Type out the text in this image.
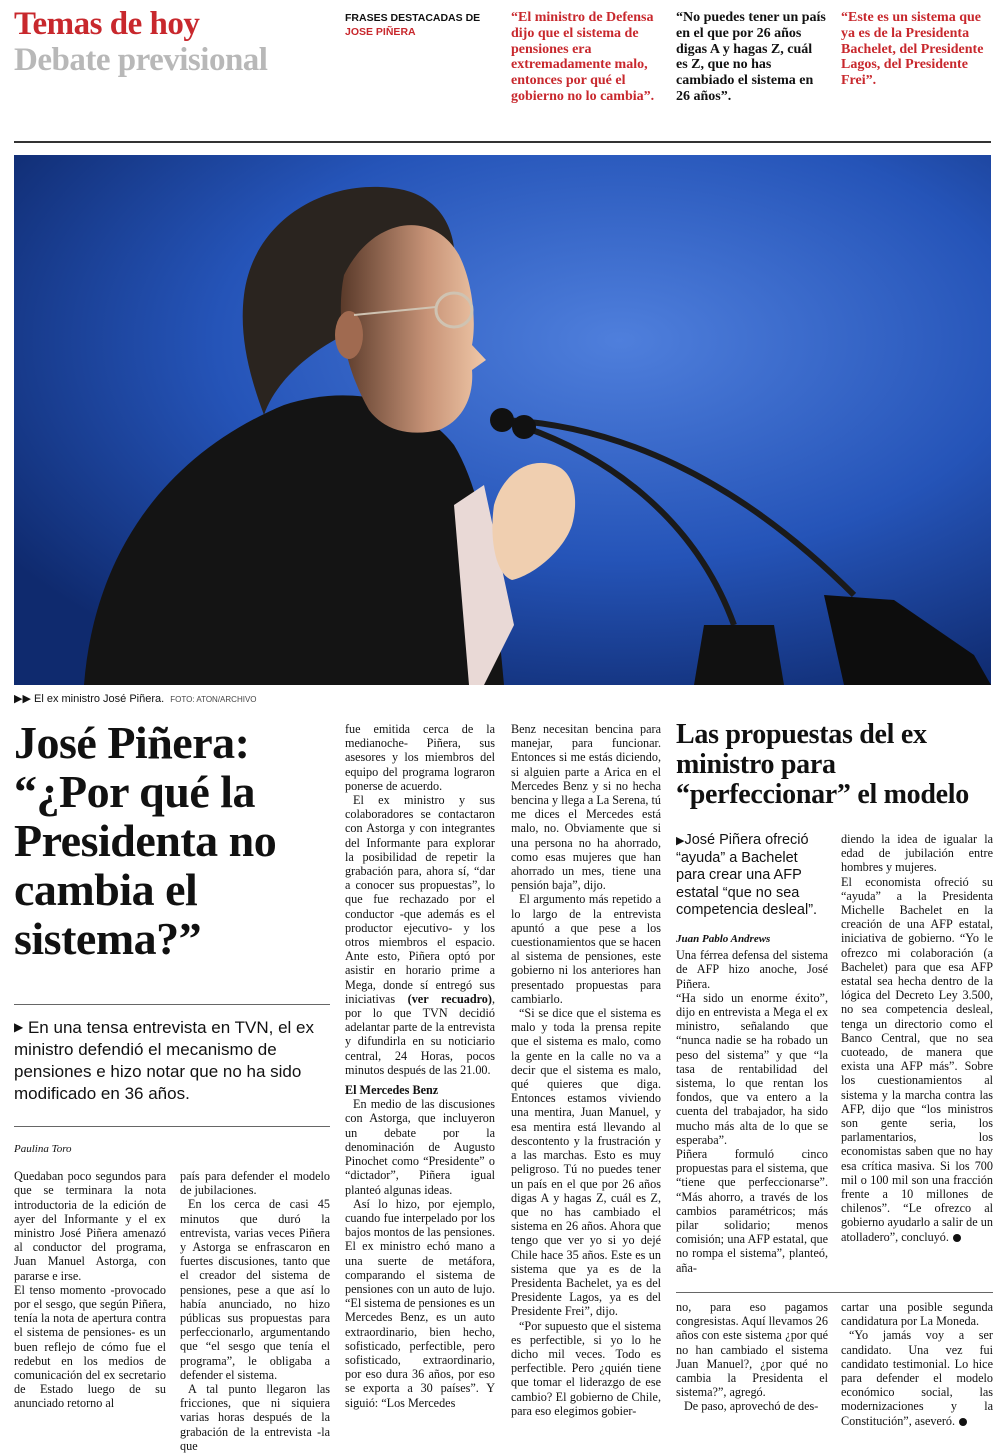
Temas de hoy
Debate previsional
FRASES DESTACADAS DE
JOSE PIÑERA
“El ministro de Defensa dijo que el sistema de pensiones era extremadamente malo, entonces por qué el gobierno no lo cambia”.
“No puedes tener un país en el que por 26 años digas A y hagas Z, cuál es Z, que no has cambiado el sistema en 26 años”.
“Este es un sistema que ya es de la Presidenta Bachelet, del Presidente Lagos, del Presidente Frei”.
▶▶ El ex ministro José Piñera. FOTO: ATON/ARCHIVO
José Piñera: “¿Por qué la Presidenta no cambia el sistema?”
▶ En una tensa entrevista en TVN, el ex ministro defendió el mecanismo de pensiones e hizo notar que no ha sido modificado en 36 años.
Paulina Toro

Quedaban poco segundos para que se terminara la nota introductoria de la edición de ayer del Informante y el ex ministro José Piñera amenazó al conductor del programa, Juan Manuel Astorga, con pararse e irse.

El tenso momento -provocado por el sesgo, que según Piñera, tenía la nota de apertura contra el sistema de pensiones- es un buen reflejo de cómo fue el redebut en los medios de comunicación del ex secretario de Estado luego de su anunciado retorno al

país para defender el modelo de jubilaciones.

En los cerca de casi 45 minutos que duró la entrevista, varias veces Piñera y Astorga se enfrascaron en fuertes discusiones, tanto que el creador del sistema de pensiones, pese a que así lo había anunciado, no hizo públicas sus propuestas para perfeccionarlo, argumentando que “el sesgo que tenía el programa”, le obligaba a defender el sistema.

A tal punto llegaron las fricciones, que ni siquiera varias horas después de la grabación de la entrevista -la que

fue emitida cerca de la medianoche- Piñera, sus asesores y los miembros del equipo del programa lograron ponerse de acuerdo.

El ex ministro y sus colaboradores se contactaron con Astorga y con integrantes del Informante para explorar la posibilidad de repetir la grabación para, ahora sí, “dar a conocer sus propuestas”, lo que fue rechazado por el conductor -que además es el productor ejecutivo- y los otros miembros el espacio. Ante esto, Piñera optó por asistir en horario prime a Mega, donde sí entregó sus iniciativas (ver recuadro), por lo que TVN decidió adelantar parte de la entrevista y difundirla en su noticiario central, 24 Horas, pocos minutos después de las 21.00.

El Mercedes Benz

En medio de las discusiones con Astorga, que incluyeron un debate por la denominación de Augusto Pinochet como “Presidente” o “dictador”, Piñera igual planteó algunas ideas.

Así lo hizo, por ejemplo, cuando fue interpelado por los bajos montos de las pensiones. El ex ministro echó mano a una suerte de metáfora, comparando el sistema de pensiones con un auto de lujo. “El sistema de pensiones es un Mercedes Benz, es un auto extraordinario, bien hecho, sofisticado, perfectible, pero sofisticado, extraordinario, por eso dura 36 años, por eso se exporta a 30 países”. Y siguió: “Los Mercedes

Benz necesitan bencina para manejar, para funcionar. Entonces si me estás diciendo, si alguien parte a Arica en el Mercedes Benz y si no hecha bencina y llega a La Serena, tú me dices el Mercedes está malo, no. Obviamente que si una persona no ha ahorrado, como esas mujeres que han ahorrado un mes, tiene una pensión baja”, dijo.

El argumento más repetido a lo largo de la entrevista apuntó a que pese a los cuestionamientos que se hacen al sistema de pensiones, este gobierno ni los anteriores han presentado propuestas para cambiarlo.

“Si se dice que el sistema es malo y toda la prensa repite que el sistema es malo, como la gente en la calle no va a decir que el sistema es malo, qué quieres que diga. Entonces estamos viviendo una mentira, Juan Manuel, y esa mentira está llevando al descontento y la frustración y a las marchas. Esto es muy peligroso. Tú no puedes tener un país en el que por 26 años digas A y hagas Z, cuál es Z, que no has cambiado el sistema en 26 años. Ahora que tengo que ver yo si yo dejé Chile hace 35 años. Este es un sistema que ya es de la Presidenta Bachelet, ya es del Presidente Lagos, ya es del Presidente Frei”, dijo.

“Por supuesto que el sistema es perfectible, si yo lo he dicho mil veces. Todo es perfectible. Pero ¿quién tiene que tomar el liderazgo de ese cambio? El gobierno de Chile, para eso elegimos gobier-

Las propuestas del ex ministro para “perfeccionar” el modelo
▶José Piñera ofreció “ayuda” a Bachelet para crear una AFP estatal “que no sea competencia desleal”.
Juan Pablo Andrews

Una férrea defensa del sistema de AFP hizo anoche, José Piñera.

“Ha sido un enorme éxito”, dijo en entrevista a Mega el ex ministro, señalando que “nunca nadie se ha robado un peso del sistema” y que “la tasa de rentabilidad del sistema, lo que rentan los fondos, que va entero a la cuenta del trabajador, ha sido mucho más alta de lo que se esperaba”.

Piñera formuló cinco propuestas para el sistema, que “tiene que perfeccionarse”. “Más ahorro, a través de los cambios paramétricos; más pilar solidario; menos comisión; una AFP estatal, que no rompa el sistema”, planteó, aña-

diendo la idea de igualar la edad de jubilación entre hombres y mujeres.

El economista ofreció su “ayuda” a la Presidenta Michelle Bachelet en la creación de una AFP estatal, iniciativa de gobierno. “Yo le ofrezco mi colaboración (a Bachelet) para que esa AFP estatal sea hecha dentro de la lógica del Decreto Ley 3.500, no sea competencia desleal, tenga un directorio como el Banco Central, que no sea cuoteado, de manera que exista una AFP más”. Sobre los cuestionamientos al sistema y la marcha contra las AFP, dijo que “los ministros son gente seria, los parlamentarios, los economistas saben que no hay esa crítica masiva. Si los 700 mil o 100 mil son una fracción frente a 10 millones de chilenos”. “Le ofrezco al gobierno ayudarlo a salir de un atolladero”, concluyó.

no, para eso pagamos congresistas. Aquí llevamos 26 años con este sistema ¿por qué no han cambiado el sistema Juan Manuel?, ¿por qué no cambia la Presidenta el sistema?”, agregó.

De paso, aprovechó de des-

cartar una posible segunda candidatura por La Moneda.

“Yo jamás voy a ser candidato. Una vez fui candidato testimonial. Lo hice para defender el modelo económico social, las modernizaciones y la Constitución”, aseveró.
